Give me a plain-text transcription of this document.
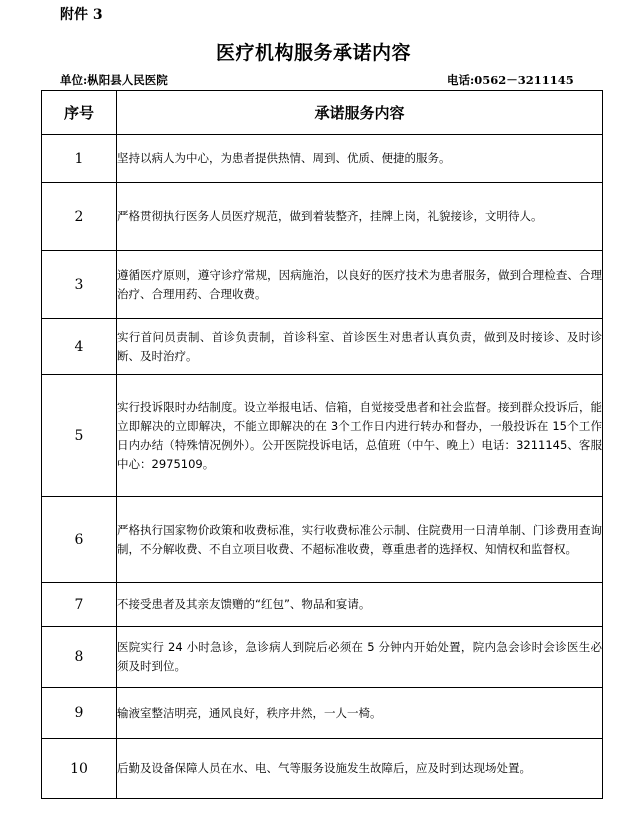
附件 3
医疗机构服务承诺内容
单位:枞阳县人民医院	电话:0562－3211145
序号	承诺服务内容
1	坚持以病人为中心，为患者提供热情、周到、优质、便捷的服务。
2	严格贯彻执行医务人员医疗规范，做到着装整齐，挂牌上岗，礼貌接诊，文明待人。
3	遵循医疗原则，遵守诊疗常规，因病施治，以良好的医疗技术为患者服务，做到合理检查、合理治疗、合理用药、合理收费。
4	实行首问员责制、首诊负责制，首诊科室、首诊医生对患者认真负责，做到及时接诊、及时诊断、及时治疗。
5	实行投诉限时办结制度。设立举报电话、信箱，自觉接受患者和社会监督。接到群众投诉后，能立即解决的立即解决，不能立即解决的在 3个工作日内进行转办和督办，一般投诉在 15个工作日内办结（特殊情况例外）。公开医院投诉电话，总值班（中午、晚上）电话：3211145、客服中心：2975109。
6	严格执行国家物价政策和收费标准，实行收费标准公示制、住院费用一日清单制、门诊费用查询制，不分解收费、不自立项目收费、不超标准收费，尊重患者的选择权、知情权和监督权。
7	不接受患者及其亲友馈赠的“红包”、物品和宴请。
8	医院实行 24 小时急诊，急诊病人到院后必须在 5 分钟内开始处置，院内急会诊时会诊医生必须及时到位。
9	输液室整洁明亮，通风良好，秩序井然，一人一椅。
10	后勤及设备保障人员在水、电、气等服务设施发生故障后，应及时到达现场处置。
